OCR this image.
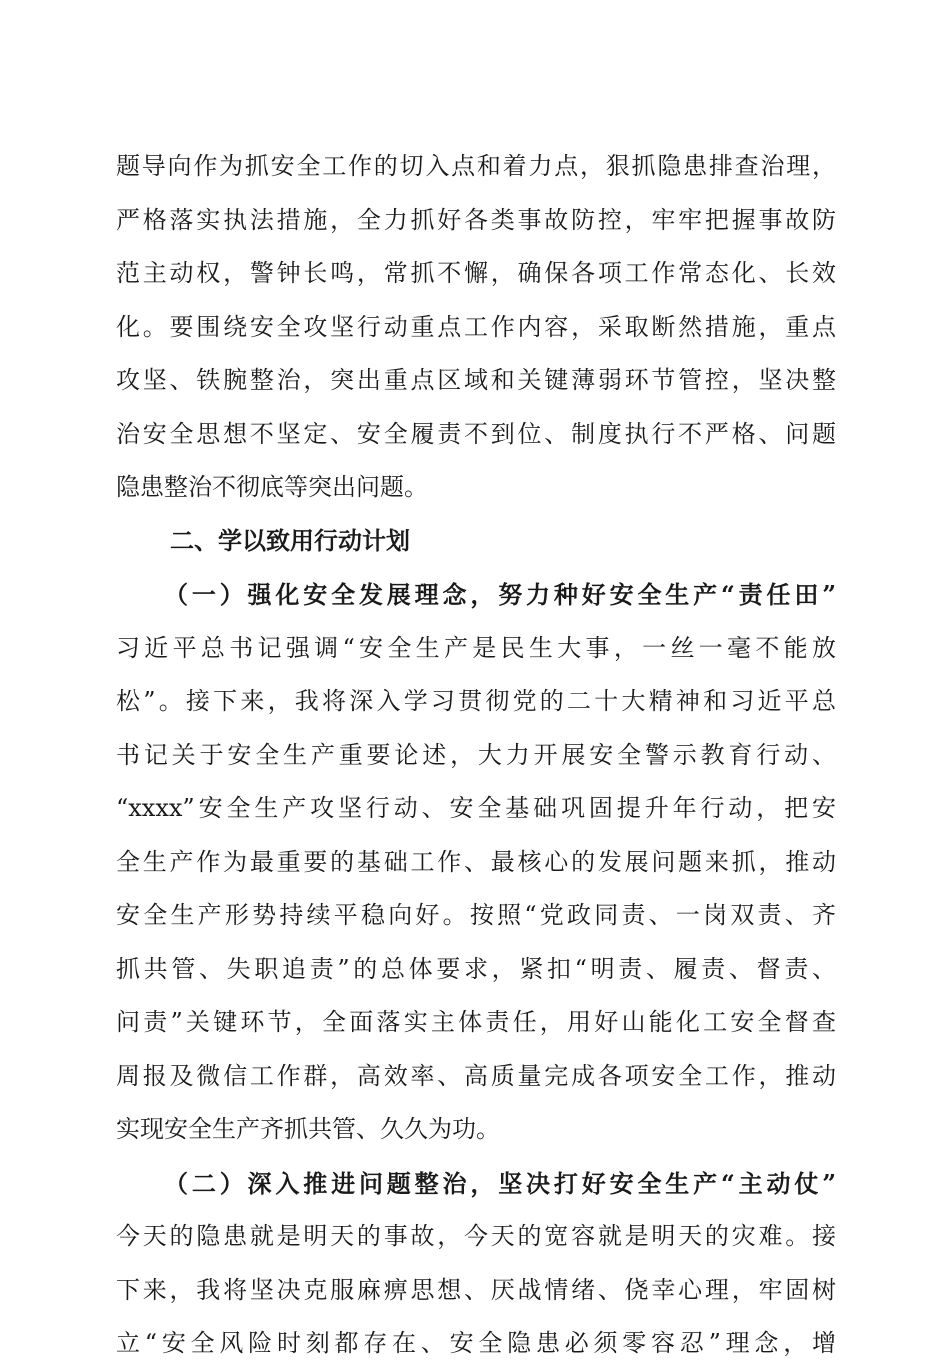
题导向作为抓安全工作的切入点和着力点，狠抓隐患排查治理，
严格落实执法措施，全力抓好各类事故防控，牢牢把握事故防
范主动权，警钟长鸣，常抓不懈，确保各项工作常态化、长效
化。要围绕安全攻坚行动重点工作内容，采取断然措施，重点
攻坚、铁腕整治，突出重点区域和关键薄弱环节管控，坚决整
治安全思想不坚定、安全履责不到位、制度执行不严格、问题
隐患整治不彻底等突出问题。
二、学以致用行动计划
（一）强化安全发展理念，努力种好安全生产“责任田”
习近平总书记强调“安全生产是民生大事，一丝一毫不能放
松”。接下来，我将深入学习贯彻党的二十大精神和习近平总
书记关于安全生产重要论述，大力开展安全警示教育行动、
“xxxx”安全生产攻坚行动、安全基础巩固提升年行动，把安
全生产作为最重要的基础工作、最核心的发展问题来抓，推动
安全生产形势持续平稳向好。按照“党政同责、一岗双责、齐
抓共管、失职追责”的总体要求，紧扣“明责、履责、督责、
问责”关键环节，全面落实主体责任，用好山能化工安全督查
周报及微信工作群，高效率、高质量完成各项安全工作，推动
实现安全生产齐抓共管、久久为功。
（二）深入推进问题整治，坚决打好安全生产“主动仗”
今天的隐患就是明天的事故，今天的宽容就是明天的灾难。接
下来，我将坚决克服麻痹思想、厌战情绪、侥幸心理，牢固树
立“安全风险时刻都存在、安全隐患必须零容忍”理念，增
